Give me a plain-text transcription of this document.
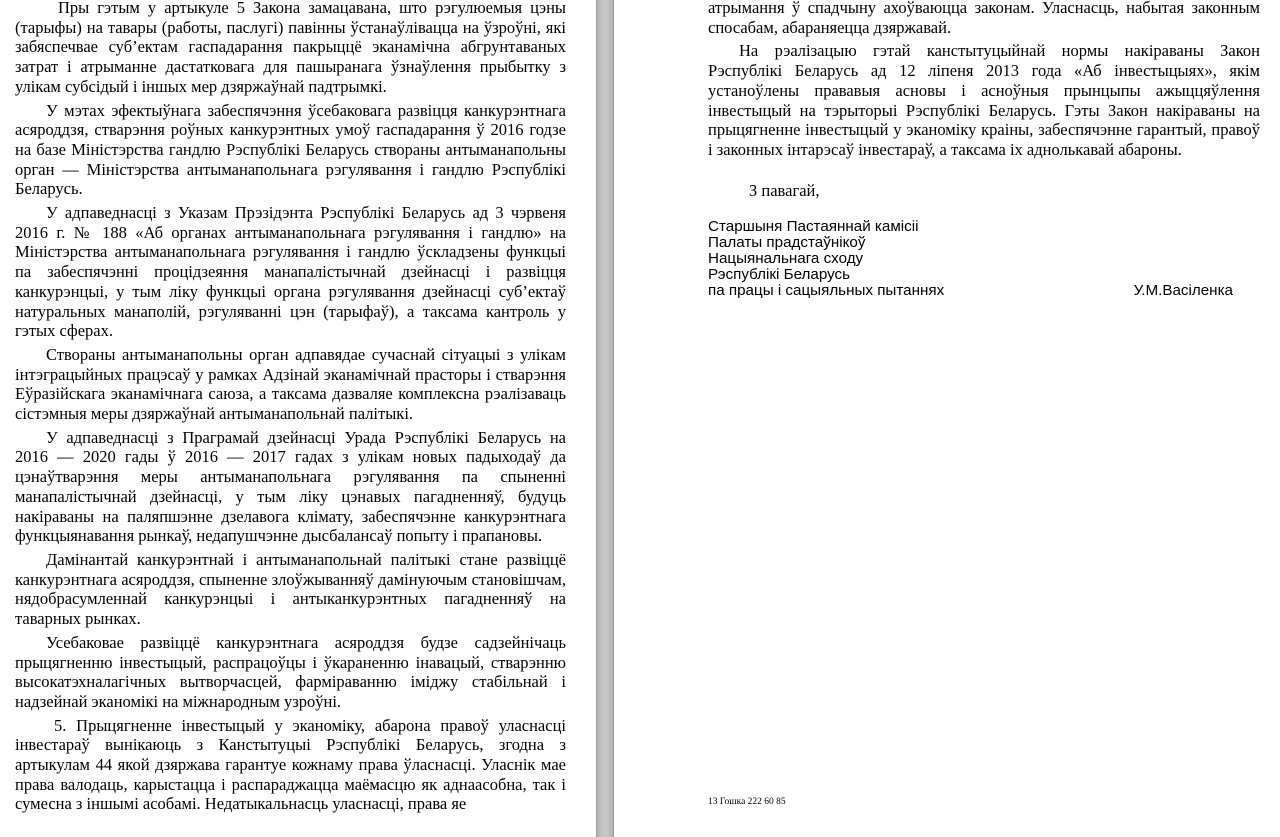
Пры гэтым у артыкуле 5 Закона замацавана, што рэгулюемыя цэны (тарыфы) на тавары (работы, паслугі) павінны ўстанаўлівацца на ўзроўні, які забяспечвае суб’ектам гаспадарання пакрыццё эканамічна абгрунтаваных затрат і атрыманне дастатковага для пашыранага ўзнаўлення прыбытку з улікам субсідый і іншых мер дзяржаўнай падтрымкі.

У мэтах эфектыўнага забеспячэння ўсебаковага развіцця канкурэнтнага асяроддзя, стварэння роўных канкурэнтных умоў гаспадарання ў 2016 годзе на базе Міністэрства гандлю Рэспублікі Беларусь створаны антыманапольны орган — Міністэрства антыманапольнага рэгулявання і гандлю Рэспублікі Беларусь.

У адпаведнасці з Указам Прэзідэнта Рэспублікі Беларусь ад 3 чэрвеня 2016 г. № 188 «Аб органах антыманапольнага рэгулявання і гандлю» на Міністэрства антыманапольнага рэгулявання і гандлю ўскладзены функцыі па забеспячэнні процідзеяння манапалістычнай дзейнасці і развіцця канкурэнцыі, у тым ліку функцыі органа рэгулявання дзейнасці суб’ектаў натуральных манаполій, рэгуляванні цэн (тарыфаў), а таксама кантроль у гэтых сферах.

Створаны антыманапольны орган адпавядае сучаснай сітуацыі з улікам інтэграцыйных працэсаў у рамках Адзінай эканамічнай прасторы і стварэння Еўразійскага эканамічнага саюза, а таксама дазваляе комплексна рэалізаваць сістэмныя меры дзяржаўнай антыманапольнай палітыкі.

У адпаведнасці з Праграмай дзейнасці Урада Рэспублікі Беларусь на 2016 — 2020 гады ў 2016 — 2017 гадах з улікам новых падыходаў да цэнаўтварэння меры антыманапольнага рэгулявання па спыненні манапалістычнай дзейнасці, у тым ліку цэнавых пагадненняў, будуць накіраваны на паляпшэнне дзелавога клімату, забеспячэнне канкурэнтнага функцыянавання рынкаў, недапушчэнне дысбалансаў попыту і прапановы.

Дамінантай канкурэнтнай і антыманапольнай палітыкі стане развіццё канкурэнтнага асяроддзя, спыненне злоўжыванняў дамінуючым становішчам, нядобрасумленнай канкурэнцыі і антыканкурэнтных пагадненняў на таварных рынках.

Усебаковае развіццё канкурэнтнага асяроддзя будзе садзейнічаць прыцягненню інвестыцый, распрацоўцы і ўкараненню інавацый, стварэнню высокатэхналагічных вытворчасцей, фарміраванню іміджу стабільнай і надзейнай эканомікі на міжнародным узроўні.

5. Прыцягненне інвестыцый у эканоміку, абарона правоў уласнасці інвестараў вынікаюць з Канстытуцыі Рэспублікі Беларусь, згодна з артыкулам 44 якой дзяржава гарантуе кожнаму права ўласнасці. Уласнік мае права валодаць, карыстацца і распараджацца маёмасцю як аднаасобна, так і сумесна з іншымі асобамі. Недатыкальнасць уласнасці, права яе

атрымання ў спадчыну ахоўваюцца законам. Уласнасць, набытая законным спосабам, абараняецца дзяржавай.

На рэалізацыю гэтай канстытуцыйнай нормы накіраваны Закон Рэспублікі Беларусь ад 12 ліпеня 2013 года «Аб інвестыцыях», якім устаноўлены прававыя асновы і асноўныя прынцыпы ажыццяўлення інвестыцый на тэрыторыі Рэспублікі Беларусь. Гэты Закон накіраваны на прыцягненне інвестыцый у эканоміку краіны, забеспячэнне гарантый, правоў і законных інтарэсаў інвестараў, а таксама іх аднолькавай абароны.

З павагай,
Старшыня Пастаяннай камісіі
Палаты прадстаўнікоў
Нацыянальнага сходу
Рэспублікі Беларусь
па працы і сацыяльных пытаннях	У.М.Васіленка
13 Гошка 222 60 85
